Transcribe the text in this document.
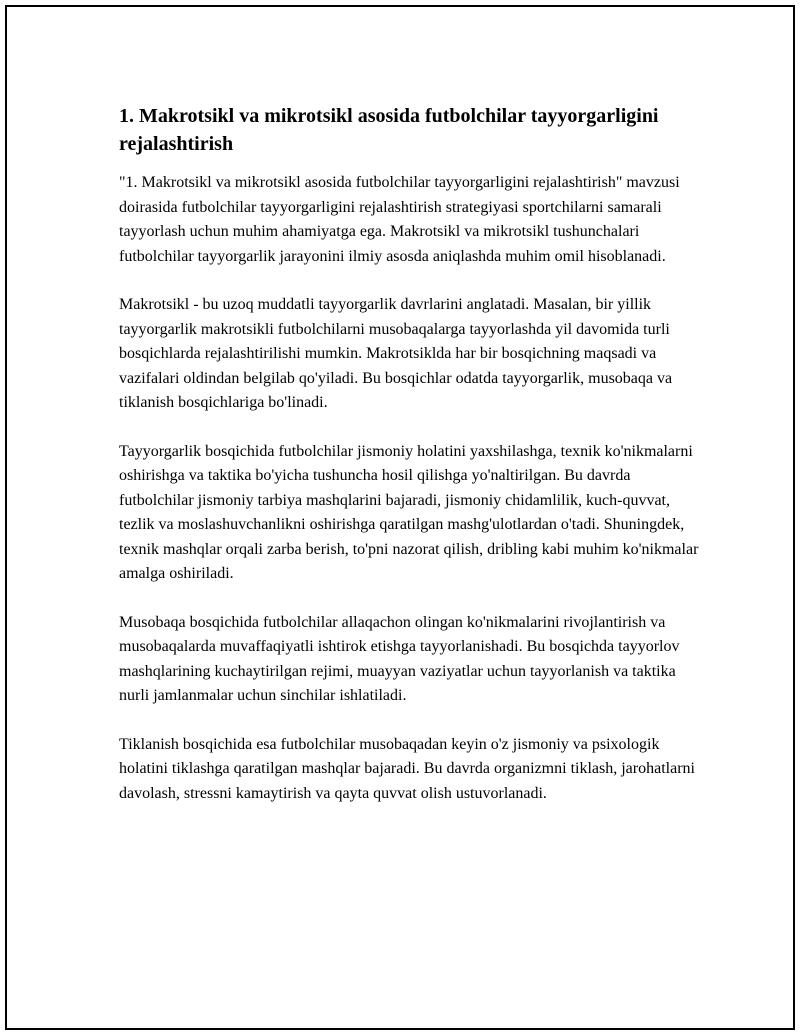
1. Makrotsikl va mikrotsikl asosida futbolchilar tayyorgarligini rejalashtirish

"1. Makrotsikl va mikrotsikl asosida futbolchilar tayyorgarligini rejalashtirish" mavzusi doirasida futbolchilar tayyorgarligini rejalashtirish strategiyasi sportchilarni samarali tayyorlash uchun muhim ahamiyatga ega. Makrotsikl va mikrotsikl tushunchalari futbolchilar tayyorgarlik jarayonini ilmiy asosda aniqlashda muhim omil hisoblanadi.

Makrotsikl - bu uzoq muddatli tayyorgarlik davrlarini anglatadi. Masalan, bir yillik tayyorgarlik makrotsikli futbolchilarni musobaqalarga tayyorlashda yil davomida turli bosqichlarda rejalashtirilishi mumkin. Makrotsiklda har bir bosqichning maqsadi va vazifalari oldindan belgilab qo'yiladi. Bu bosqichlar odatda tayyorgarlik, musobaqa va tiklanish bosqichlariga bo'linadi.

Tayyorgarlik bosqichida futbolchilar jismoniy holatini yaxshilashga, texnik ko'nikmalarni oshirishga va taktika bo'yicha tushuncha hosil qilishga yo'naltirilgan. Bu davrda futbolchilar jismoniy tarbiya mashqlarini bajaradi, jismoniy chidamlilik, kuch-quvvat, tezlik va moslashuvchanlikni oshirishga qaratilgan mashg'ulotlardan o'tadi. Shuningdek, texnik mashqlar orqali zarba berish, to'pni nazorat qilish, dribling kabi muhim ko'nikmalar amalga oshiriladi.

Musobaqa bosqichida futbolchilar allaqachon olingan ko'nikmalarini rivojlantirish va musobaqalarda muvaffaqiyatli ishtirok etishga tayyorlanishadi. Bu bosqichda tayyorlov mashqlarining kuchaytirilgan rejimi, muayyan vaziyatlar uchun tayyorlanish va taktika nurli jamlanmalar uchun sinchilar ishlatiladi.

Tiklanish bosqichida esa futbolchilar musobaqadan keyin o'z jismoniy va psixologik holatini tiklashga qaratilgan mashqlar bajaradi. Bu davrda organizmni tiklash, jarohatlarni davolash, stressni kamaytirish va qayta quvvat olish ustuvorlanadi.
